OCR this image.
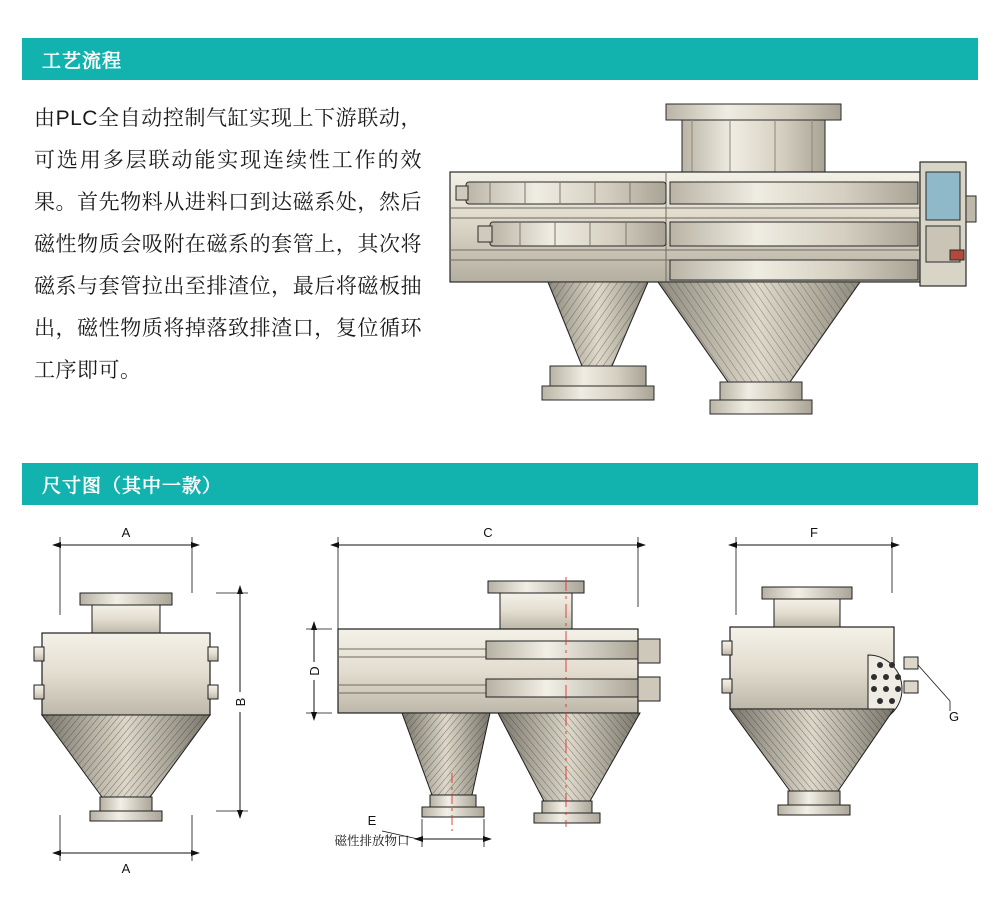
工艺流程
由PLC全自动控制气缸实现上下游联动，可选用多层联动能实现连续性工作的效果。首先物料从进料口到达磁系处，然后磁性物质会吸附在磁系的套管上，其次将磁系与套管拉出至排渣位，最后将磁板抽出，磁性物质将掉落致排渣口，复位循环工序即可。
尺寸图（其中一款）
A
B
A
C
D
E
磁性排放物口
F
G
